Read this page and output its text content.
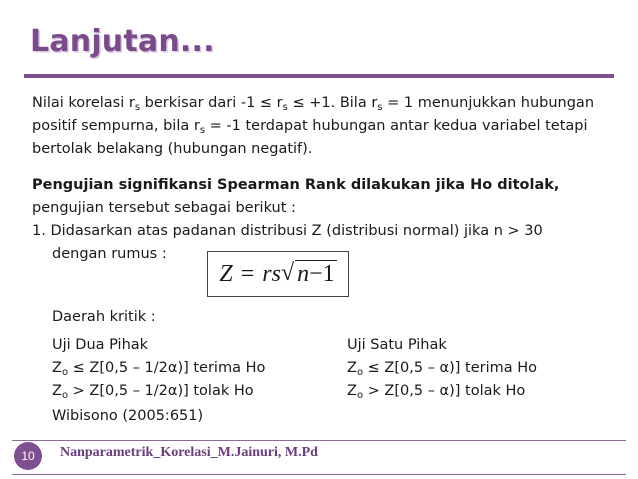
Lanjutan...

Nilai korelasi $r_s$ berkisar dari $-1 \le r_s \le +1$. Bila $r_s = 1$ menunjukkan hubungan positif sempurna, bila $r_s = -1$ terdapat hubungan antar kedua variabel tetapi bertolak belakang (hubungan negatif).

Pengujian signifikansi Spearman Rank dilakukan jika Ho ditolak,

pengujian tersebut sebagai berikut :

1. Didasarkan atas padanan distribusi Z (distribusi normal) jika n > 30

dengan rumus :

Z = rs √ n−1
Daerah kritik :
Uji Dua Pihak
$Z_o \le Z[0,5 - 1/2\alpha)$] terima Ho
$Z_o > Z[0,5 - 1/2\alpha)$] tolak Ho
Uji Satu Pihak
$Z_o \le Z[0,5 - \alpha)$] terima Ho
$Z_o > Z[0,5 - \alpha)$] tolak Ho
Wibisono (2005:651)
10	Nanparametrik_Korelasi_M.Jainuri, M.Pd
